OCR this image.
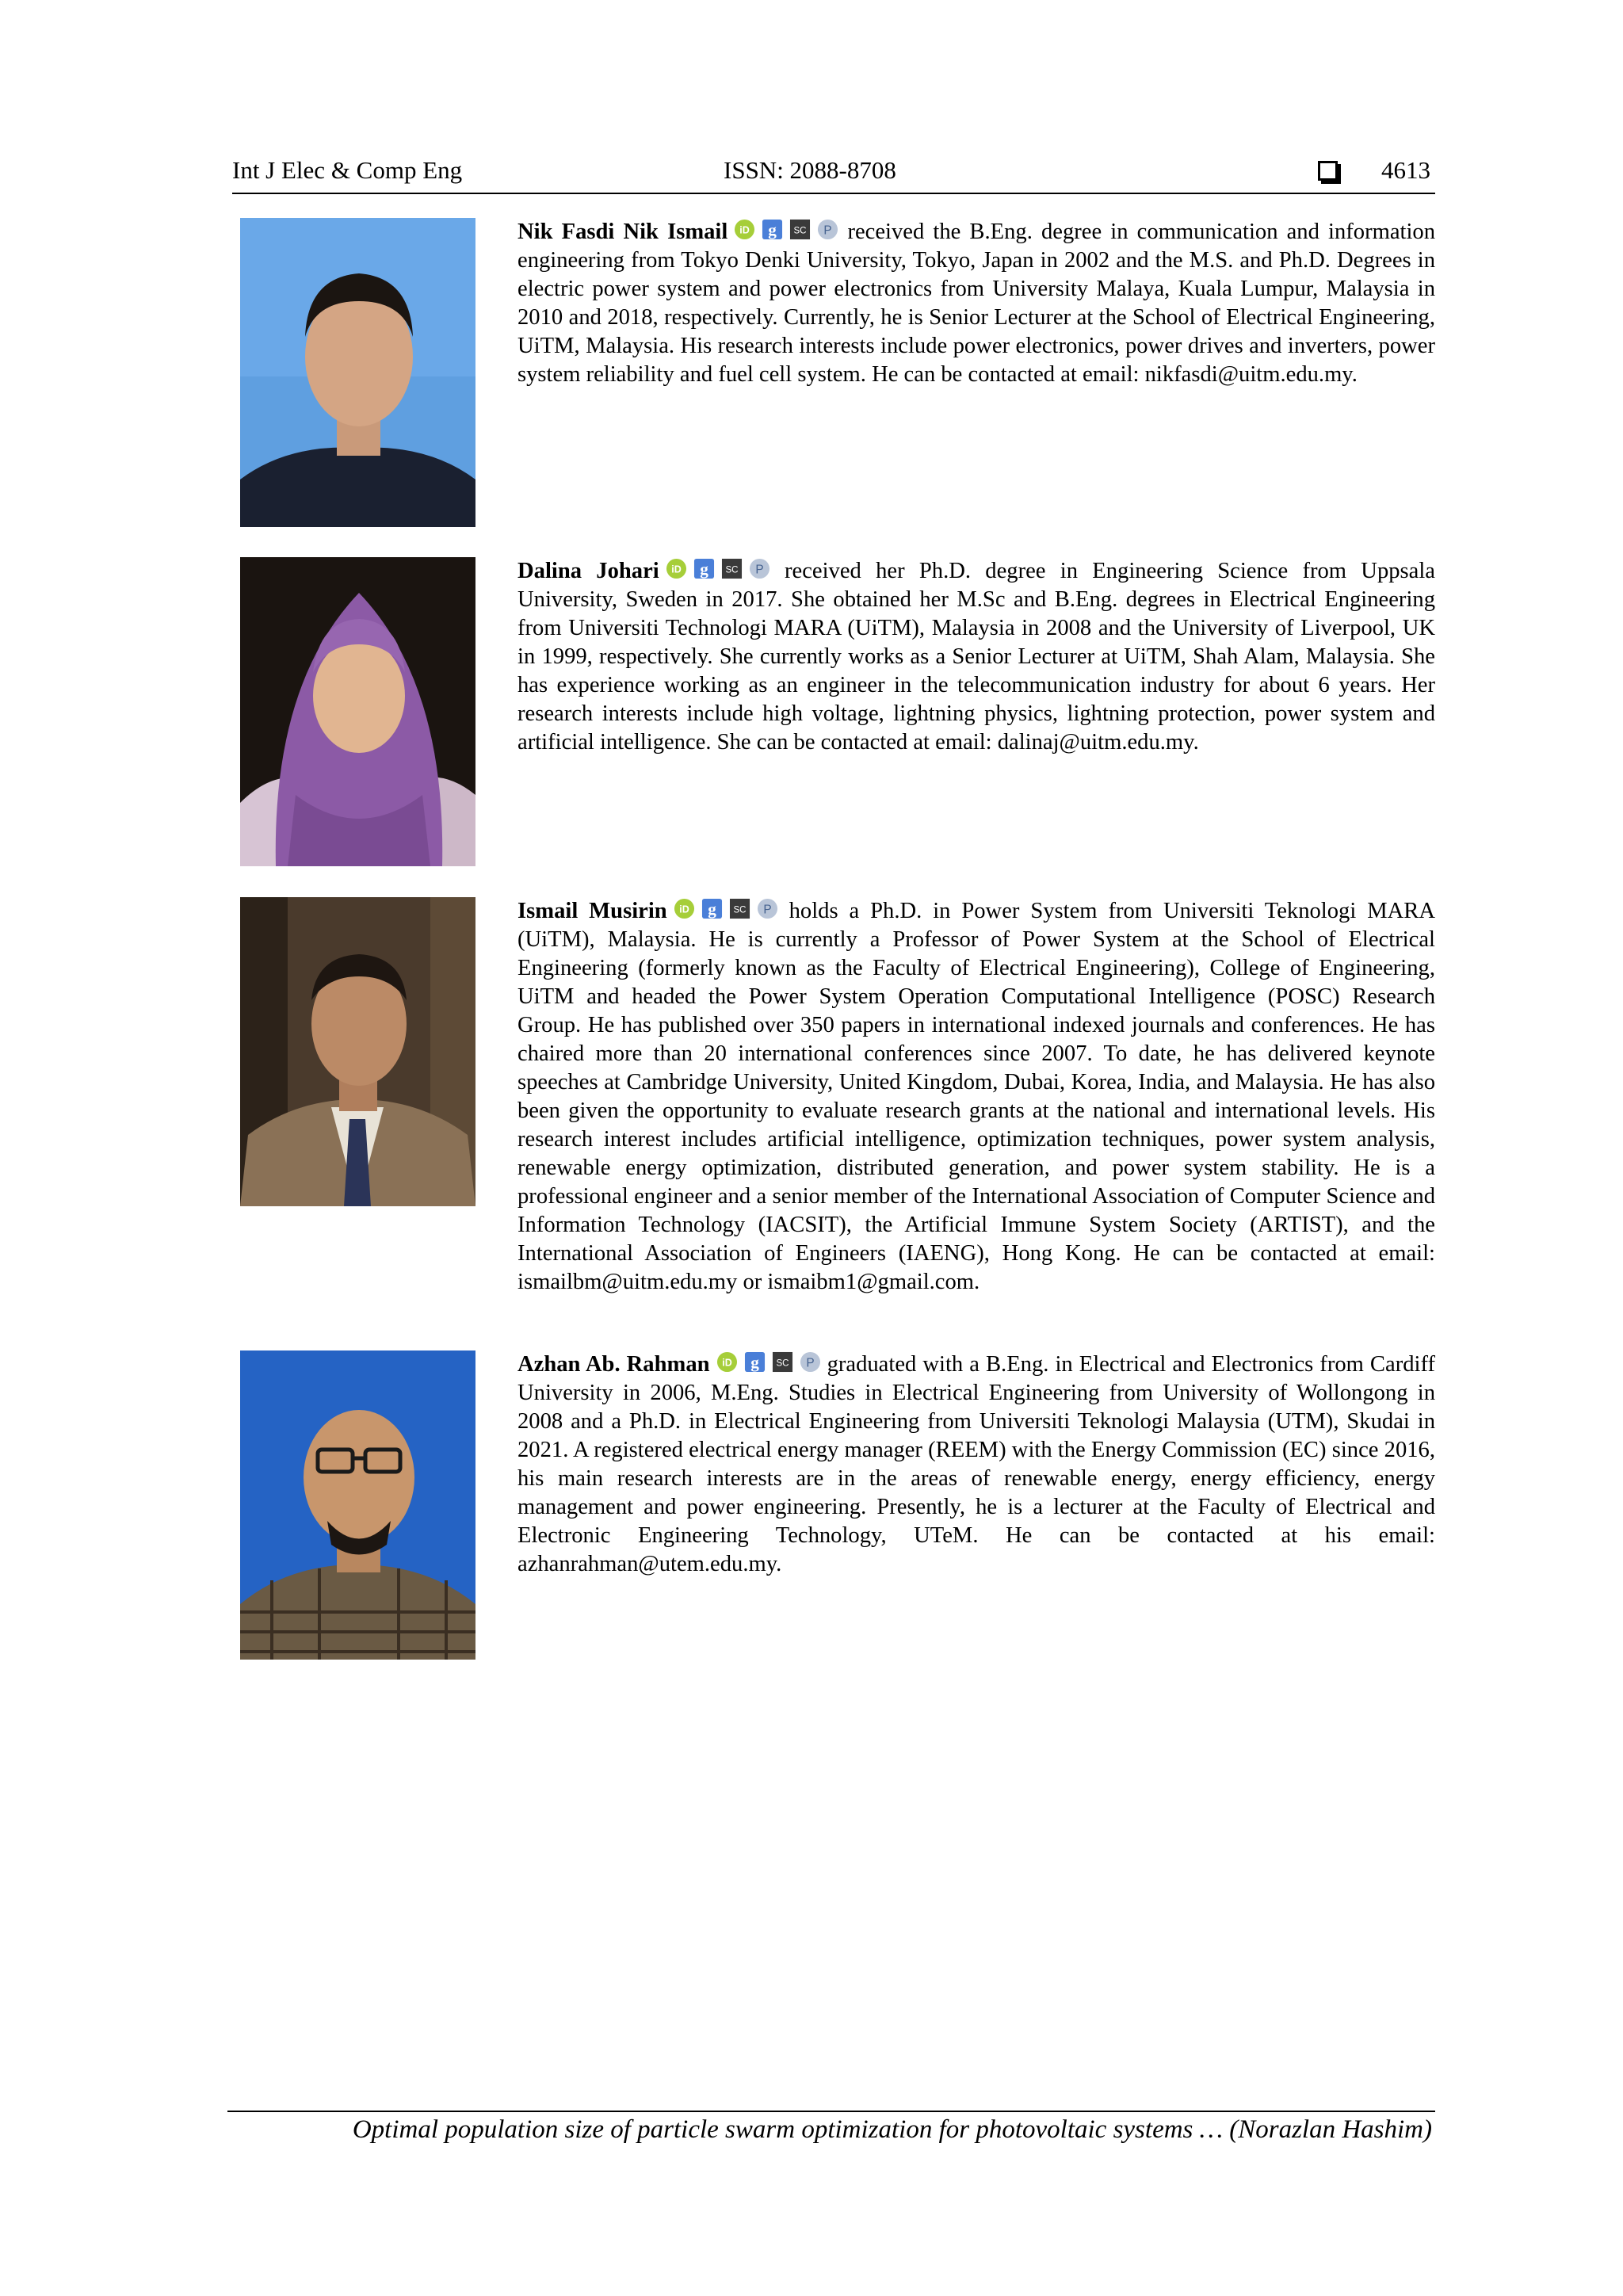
Int J Elec & Comp Eng	ISSN: 2088-8708	4613
Nik Fasdi Nik Ismail iD g SC P received the B.Eng. degree in communication and information engineering from Tokyo Denki University, Tokyo, Japan in 2002 and the M.S. and Ph.D. Degrees in electric power system and power electronics from University Malaya, Kuala Lumpur, Malaysia in 2010 and 2018, respectively. Currently, he is Senior Lecturer at the School of Electrical Engineering, UiTM, Malaysia. His research interests include power electronics, power drives and inverters, power system reliability and fuel cell system. He can be contacted at email: nikfasdi@uitm.edu.my.
Dalina Johari iD g SC P received her Ph.D. degree in Engineering Science from Uppsala University, Sweden in 2017. She obtained her M.Sc and B.Eng. degrees in Electrical Engineering from Universiti Technologi MARA (UiTM), Malaysia in 2008 and the University of Liverpool, UK in 1999, respectively. She currently works as a Senior Lecturer at UiTM, Shah Alam, Malaysia. She has experience working as an engineer in the telecommunication industry for about 6 years. Her research interests include high voltage, lightning physics, lightning protection, power system and artificial intelligence. She can be contacted at email: dalinaj@uitm.edu.my.
Ismail Musirin iD g SC P holds a Ph.D. in Power System from Universiti Teknologi MARA (UiTM), Malaysia. He is currently a Professor of Power System at the School of Electrical Engineering (formerly known as the Faculty of Electrical Engineering), College of Engineering, UiTM and headed the Power System Operation Computational Intelligence (POSC) Research Group. He has published over 350 papers in international indexed journals and conferences. He has chaired more than 20 international conferences since 2007. To date, he has delivered keynote speeches at Cambridge University, United Kingdom, Dubai, Korea, India, and Malaysia. He has also been given the opportunity to evaluate research grants at the national and international levels. His research interest includes artificial intelligence, optimization techniques, power system analysis, renewable energy optimization, distributed generation, and power system stability. He is a professional engineer and a senior member of the International Association of Computer Science and Information Technology (IACSIT), the Artificial Immune System Society (ARTIST), and the International Association of Engineers (IAENG), Hong Kong. He can be contacted at email: ismailbm@uitm.edu.my or ismaibm1@gmail.com.
Azhan Ab. Rahman iD g SC P graduated with a B.Eng. in Electrical and Electronics from Cardiff University in 2006, M.Eng. Studies in Electrical Engineering from University of Wollongong in 2008 and a Ph.D. in Electrical Engineering from Universiti Teknologi Malaysia (UTM), Skudai in 2021. A registered electrical energy manager (REEM) with the Energy Commission (EC) since 2016, his main research interests are in the areas of renewable energy, energy efficiency, energy management and power engineering. Presently, he is a lecturer at the Faculty of Electrical and Electronic Engineering Technology, UTeM. He can be contacted at his email: azhanrahman@utem.edu.my.
Optimal population size of particle swarm optimization for photovoltaic systems … (Norazlan Hashim)
